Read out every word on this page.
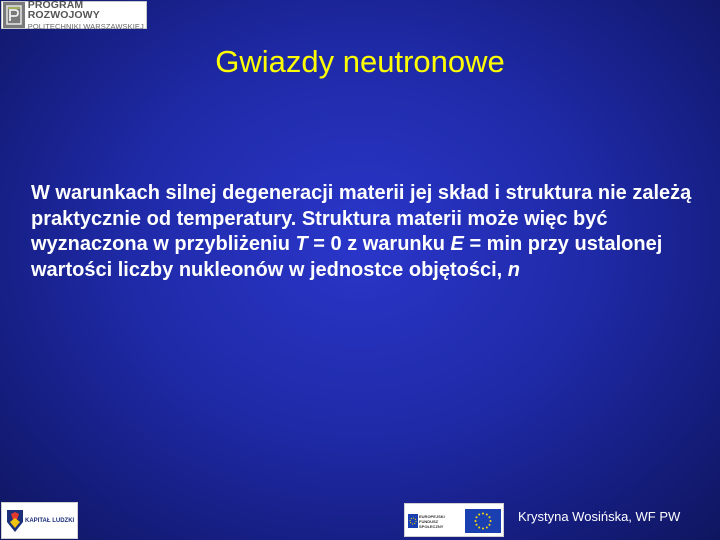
PROGRAM ROZWOJOWY
POLITECHNIKI WARSZAWSKIEJ
Gwiazdy neutronowe

W warunkach silnej degeneracji materii jej skład i struktura nie zależą praktycznie od temperatury. Struktura materii może więc być wyznaczona w przybliżeniu T = 0 z warunku E = min przy ustalonej wartości liczby nukleonów w jednostce objętości, n

KAPITAŁ LUDZKI
EUROPEJSKI FUNDUSZ SPOŁECZNY
Krystyna Wosińska, WF PW
